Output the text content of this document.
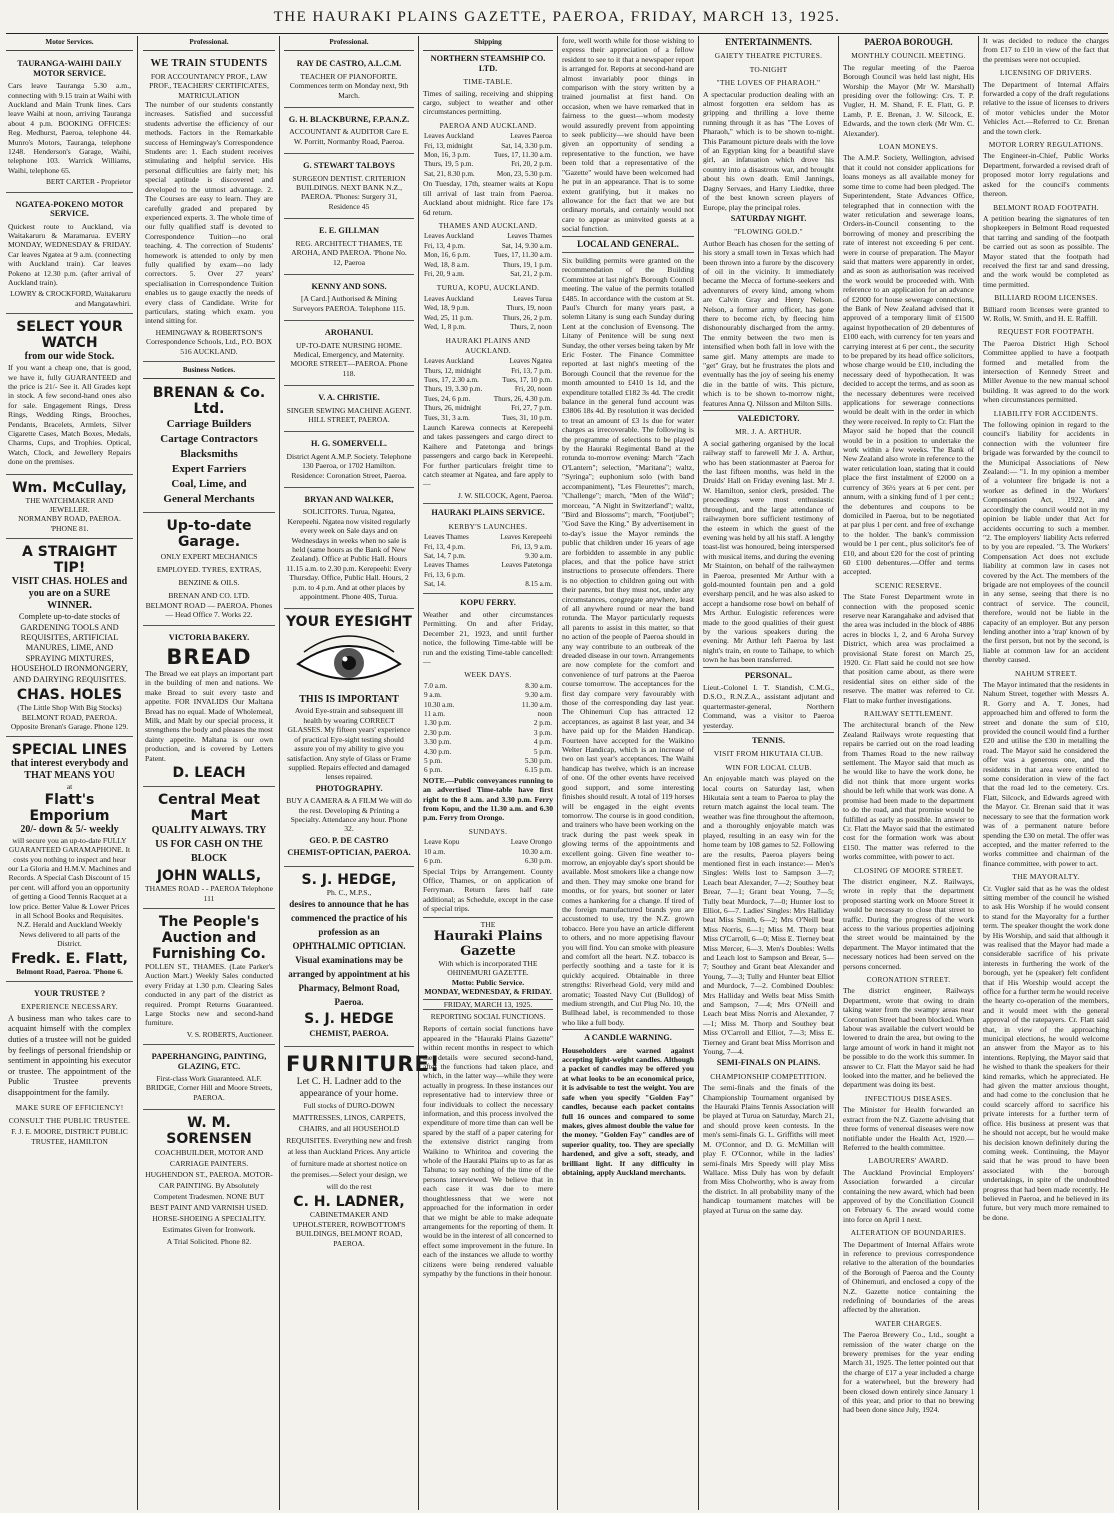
THE HAURAKI PLAINS GAZETTE, PAEROA, FRIDAY, MARCH 13, 1925.
Motor Services.
TAURANGA-WAIHI DAILY MOTOR SERVICE.

Cars leave Tauranga 5.30 a.m., connecting with 9.15 train at Waihi with Auckland and Main Trunk lines. Cars leave Waihi at noon, arriving Tauranga about 4 p.m. BOOKING OFFICES: Reg. Medhurst, Paeroa, telephone 44. Munro's Motors, Tauranga, telephone 1248. Henderson's Garage, Waihi, telephone 103. Warrick Williams, Waihi, telephone 65.

BERT CARTER - Proprietor
NGATEA-POKENO MOTOR SERVICE.

Quickest route to Auckland, via Waitakaruru & Maramarua. EVERY MONDAY, WEDNESDAY & FRIDAY. Car leaves Ngatea at 9 a.m. (connecting with Auckland train). Car leaves Pokeno at 12.30 p.m. (after arrival of Auckland train).

LOWRY & CROCKFORD, Waitakaruru and Mangatawhiri.
SELECT YOUR WATCH
from our wide Stock.

If you want a cheap one, that is good, we have it, fully GUARANTEED and the price is 21/- See it. All Grades kept in stock. A few second-hand ones also for sale. Engagement Rings, Dress Rings, Wedding Rings, Brooches, Pendants, Bracelets, Armlets, Silver Cigarette Cases, Match Boxes, Medals, Charms, Cups, and Trophies. Optical, Watch, Clock, and Jewellery Repairs done on the premises.

Wm. McCullay,
THE WATCHMAKER AND JEWELLER.
NORMANBY ROAD, PAEROA. 'PHONE 81.
A STRAIGHT TIP!
VISIT CHAS. HOLES and you are on a SURE WINNER.

Complete up-to-date stocks of GARDENING TOOLS AND REQUISITES, ARTIFICIAL MANURES, LIME, AND SPRAYING MIXTURES, HOUSEHOLD IRONMONGERY, AND DAIRYING REQUISITES.

CHAS. HOLES
(The Little Shop With Big Stocks) BELMONT ROAD, PAEROA. Opposite Brenan's Garage. Phone 129.
SPECIAL LINES
that interest everybody and THAT MEANS YOU
at
Flatt's Emporium
20/- down & 5/- weekly

will secure you an up-to-date FULLY GUARANTEED GARAMAPHONE. It costs you nothing to inspect and hear our La Gloria and H.M.V. Machines and Records. A Special Cash Discount of 15 per cent. will afford you an opportunity of getting a Good Tennis Racquet at a low price. Better Value & Lower Prices in all School Books and Requisites. N.Z. Herald and Auckland Weekly News delivered to all parts of the District.

Fredk. E. Flatt,
Belmont Road, Paeroa. 'Phone 6.
YOUR TRUSTEE ?
EXPERIENCE NECESSARY.

A business man who takes care to acquaint himself with the complex duties of a trustee will not be guided by feelings of personal friendship or sentiment in appointing his executor or trustee. The appointment of the Public Trustee prevents disappointment for the family.

MAKE SURE OF EFFICIENCY!
CONSULT THE PUBLIC TRUSTEE.
F. J. E. MOORE, DISTRICT PUBLIC TRUSTEE, HAMILTON
Professional.
WE TRAIN STUDENTS
FOR ACCOUNTANCY PROF., LAW PROF., TEACHERS' CERTIFICATES, MATRICULATION

The number of our students constantly increases. Satisfied and successful students advertise the efficiency of our methods. Factors in the Remarkable success of Hemingway's Correspondence Students are: 1. Each student receives stimulating and helpful service. His personal difficulties are fairly met; his special aptitude is discovered and developed to the utmost advantage. 2. The Courses are easy to learn. They are carefully graded and prepared by experienced experts. 3. The whole time of our fully qualified staff is devoted to Correspondence Tuition—no oral teaching. 4. The correction of Students' homework is attended to only by men fully qualified by exam—no lady correctors. 5. Over 27 years' specialisation in Correspondence Tuition enables us to gauge exactly the needs of every class of Candidate. Write for particulars, stating which exam. you intend sitting for.

HEMINGWAY & ROBERTSON'S Correspondence Schools, Ltd., P.O. BOX 516 AUCKLAND.
Business Notices.
BRENAN & Co. Ltd.
Carriage Builders
Cartage Contractors
Blacksmiths
Expert Farriers
Coal, Lime, and
General Merchants
Up-to-date Garage.

ONLY EXPERT MECHANICS EMPLOYED. TYRES, EXTRAS, BENZINE & OILS.

BRENAN AND CO. LTD.
BELMONT ROAD — PAEROA. Phones— Head Office 7. Works 22.
VICTORIA BAKERY.
BREAD

The Bread we eat plays an important part in the building of men and nations. We make Bread to suit every taste and appetite. FOR INVALIDS Our Maltana Bread has no equal. Made of Wholemeal, Milk, and Malt by our special process, it strengthens the body and pleases the most dainty appetite. Maltana is our own production, and is covered by Letters Patent.

D. LEACH
Central Meat Mart

QUALITY ALWAYS. TRY US FOR CASH ON THE BLOCK

JOHN WALLS,
THAMES ROAD - - PAEROA Telephone 111
The People's Auction and Furnishing Co.

POLLEN ST., THAMES. (Late Parker's Auction Mart.) Weekly Sales conducted every Friday at 1.30 p.m. Clearing Sales conducted in any part of the district as required. Prompt Returns Guaranteed. Large Stocks new and second-hand furniture.

V. S. ROBERTS, Auctioneer.
PAPERHANGING, PAINTING, GLAZING, ETC.

First-class Work Guaranteed. ALF. BRIDGE, Corner Hill and Moore Streets, PAEROA.

W. M. SORENSEN

COACHBUILDER, MOTOR AND CARRIAGE PAINTERS. HUGHENDON ST., PAEROA. MOTOR-CAR PAINTING. By Absolutely Competent Tradesmen. NONE BUT BEST PAINT AND VARNISH USED. HORSE-SHOEING A SPECIALITY. Estimates Given for Ironwork.

A Trial Solicited. Phone 82.
Professional.
RAY DE CASTRO, A.L.C.M.

TEACHER OF PIANOFORTE. Commences term on Monday next, 9th March.

G. H. BLACKBURNE, F.P.A.N.Z.

ACCOUNTANT & AUDITOR Care E. W. Porritt, Normanby Road, Paeroa.

G. STEWART TALBOYS

SURGEON DENTIST. CRITERION BUILDINGS. NEXT BANK N.Z., PAEROA. 'Phones: Surgery 31, Residence 45

E. E. GILLMAN

REG. ARCHITECT THAMES, TE AROHA, AND PAEROA. 'Phone No. 12, Paeroa

KENNY AND SONS.

[A Card.] Authorised & Mining Surveyors PAEROA. Telephone 115.

AROHANUI.

UP-TO-DATE NURSING HOME. Medical, Emergency, and Maternity. MOORE STREET—PAEROA. Phone 118.

V. A. CHRISTIE.

SINGER SEWING MACHINE AGENT. HILL STREET, PAEROA.

H. G. SOMERVELL.

District Agent A.M.P. Society. Telephone 130 Paeroa, or 1702 Hamilton. Residence: Coronation Street, Paeroa.

BRYAN AND WALKER,

SOLICITORS. Turua, Ngatea, Kerepeehi. Ngatea now visited regularly every week on Sale days and on Wednesdays in weeks when no sale is held (same hours as the Bank of New Zealand). Office at Public Hall. Hours 11.15 a.m. to 2.30 p.m. Kerepeehi: Every Thursday. Office, Public Hall. Hours, 2 p.m. to 4 p.m. And at other places by appointment. Phone 40S, Turua.

YOUR EYESIGHT
THIS IS IMPORTANT

Avoid Eye-strain and subsequent ill health by wearing CORRECT GLASSES. My fifteen years' experience of practical Eye-sight testing should assure you of my ability to give you satisfaction. Any style of Glass or Frame supplied. Repairs effected and damaged lenses repaired.

PHOTOGRAPHY.

BUY A CAMERA & A FILM We will do the rest. Developing & Printing a Specialty. Attendance any hour. Phone 32.

GEO. P. DE CASTRO
CHEMIST-OPTICIAN, PAEROA.
S. J. HEDGE,
Ph. C., M.P.S.,

desires to announce that he has commenced the practice of his profession as an OPHTHALMIC OPTICIAN. Visual examinations may be arranged by appointment at his Pharmacy, Belmont Road, Paeroa.

S. J. HEDGE
CHEMIST, PAEROA.
FURNITURE!
Let C. H. Ladner add to the appearance of your home.

Full stocks of DURO-DOWN MATTRESSES, LINOS, CARPETS, CHAIRS, and all HOUSEHOLD REQUISITES. Everything new and fresh at less than Auckland Prices. Any article of furniture made at shortest notice on the premises.—Select your design, we will do the rest

C. H. LADNER,
CABINETMAKER AND UPHOLSTERER, ROWBOTTOM'S BUILDINGS, BELMONT ROAD, PAEROA.
Shipping
NORTHERN STEAMSHIP CO. LTD.
TIME-TABLE.

Times of sailing, receiving and shipping cargo, subject to weather and other circumstances permitting.

PAEROA AND AUCKLAND.
Leaves Auckland	Leaves Paeroa
Fri, 13, midnight	Sat, 14, 3.30 p.m.
Mon, 16, 3 p.m.	Tues, 17, 11.30 a.m.
Thurs, 19, 5 p.m.	Fri, 20, 2 p.m.
Sat, 21, 8.30 p.m.	Mon, 23, 5.30 p.m.

On Tuesday, 17th, steamer waits at Kopu till arrival of last train from Paeroa. Auckland about midnight. Rice fare 17s 6d return.

THAMES AND AUCKLAND.
Leaves Auckland	Leaves Thames
Fri, 13, 4 p.m.	Sat, 14, 9.30 a.m.
Mon, 16, 6 p.m.	Tues, 17, 11.30 a.m.
Wed, 18, 8 a.m.	Thurs, 19, 1 p.m.
Fri, 20, 9 a.m.	Sat, 21, 2 p.m.
TURUA, KOPU, AUCKLAND.
Leaves Auckland	Leaves Turua
Wed, 18, 9 p.m.	Thurs, 19, noon
Wed, 25, 11 p.m.	Thurs, 26, 2 p.m.
Wed, 1, 8 p.m.	Thurs, 2, noon
HAURAKI PLAINS AND AUCKLAND.
Leaves Auckland	Leaves Ngatea
Thurs, 12, midnight	Fri, 13, 7 p.m.
Tues, 17, 2.30 a.m.	Tues, 17, 10 p.m.
Thurs, 19, 3.30 p.m.	Fri, 20, noon
Tues, 24, 6 p.m.	Thurs, 26, 4.30 p.m.
Thurs, 26, midnight	Fri, 27, 7 p.m.
Tues, 31, 3 a.m.	Tues, 31, 10 p.m.

Launch Karewa connects at Kerepeehi and takes passengers and cargo direct to Kaihere and Patetonga and brings passengers and cargo back in Kerepeehi. For further particulars freight time to catch steamer at Ngatea, and fare apply to—

J. W. SILCOCK, Agent, Paeroa.
HAURAKI PLAINS SERVICE.
KERBY'S LAUNCHES.
Leaves Thames	Leaves Kerepeehi
Fri, 13, 4 p.m.	Fri, 13, 9 a.m.
Sat, 14, 7 p.m.	9.30 a.m.
Leaves Thames	Leaves Patetonga
Fri, 13, 6 p.m.	
Sat, 14.	8.15 a.m.
KOPU FERRY.

Weather and other circumstances Permitting. On and after Friday, December 21, 1923, and until further notice, the following Time-table will be run and the existing Time-table cancelled:—

WEEK DAYS.
7.0 a.m.	8.30 a.m.
9 a.m.	9.30 a.m.
10.30 a.m.	11.30 a.m.
11 a.m.	noon
1.30 p.m.	2 p.m.
2.30 p.m.	3 p.m.
3.30 p.m.	4 p.m.
4.30 p.m.	5 p.m.
5 p.m.	5.30 p.m.
6 p.m.	6.15 p.m.

NOTE.—Public conveyances running to an advertised Time-table have first right to the 8 a.m. and 3.30 p.m. Ferry from Kopu, and the 11.30 a.m. and 6.30 p.m. Ferry from Orongo.

SUNDAYS.
Leave Kopu	Leave Orongo
10 a.m.	10.30 a.m.
6 p.m.	6.30 p.m.

Special Trips by Arrangement. County Office, Thames, or on application of Ferryman. Return fares half rate additional; as Schedule, except in the case of special trips.

THE
Hauraki Plains Gazette
With which is incorporated THE OHINEMURI GAZETTE.
Motto: Public Service.
MONDAY, WEDNESDAY, & FRIDAY.
FRIDAY, MARCH 13, 1925.
REPORTING SOCIAL FUNCTIONS.

Reports of certain social functions have appeared in the "Hauraki Plains Gazette" within recent months in respect to which the details were secured second-hand, after the functions had taken place, and which, in the latter way—while they were actually in progress. In these instances our representative had to interview three or four individuals to collect the necessary information, and this process involved the expenditure of more time than can well be spared by the staff of a paper catering for the extensive district ranging from Waikino to Whiritoa and covering the whole of the Hauraki Plains up to as far as Tahuna; to say nothing of the time of the persons interviewed. We believe that in each case it was due to mere thoughtlessness that we were not approached for the information in order that we might be able to make adequate arrangements for the reporting of them. It would be in the interest of all concerned to effect some improvement in the future. In each of the instances we allude to worthy citizens were being rendered valuable sympathy by the functions in their honour.

fore, well worth while for those wishing to express their appreciation of a fellow resident to see to it that a newspaper report is arranged for. Reports at second-hand are almost invariably poor things in comparison with the story written by a trained journalist at first hand. On occasion, when we have remarked that in fairness to the guest—whom modesty would assuredly prevent from appointing to seek publicity—we should have been given an opportunity of sending a representative to the function, we have been told that a representative of the "Gazette" would have been welcomed had he put in an appearance. That is to some extent gratifying, but it makes no allowance for the fact that we are but ordinary mortals, and certainly would not care to appear as uninvited guests at a social function.

LOCAL AND GENERAL.

Six building permits were granted on the recommendation of the Building Committee at last night's Borough Council meeting. The value of the permits totalled £485. In accordance with the custom at St. Paul's Church for many years past, a solemn Litany is sung each Sunday during Lent at the conclusion of Evensong. The Litany of Penitence will be sung next Sunday, the other verses being taken by Mr Eric Foster. The Finance Committee reported at last night's meeting of the Borough Council that the revenue for the month amounted to £410 1s 1d, and the expenditure totalled £182 3s 4d. The credit balance in the general fund account was £3806 18s 4d. By resolution it was decided to treat an amount of £3 1s due for water charges as irrecoverable. The following is the programme of selections to be played by the Hauraki Regimental Band at the rotunda to-morrow evening: March "Zach O'Lantern"; selection, "Maritana"; waltz, "Syringa"; euphonium solo (with band accompaniment), "Les Fleurettes"; march, "Challenge"; march, "Men of the Wild"; morceau, "A Night in Switzerland"; waltz, "Bird and Blossoms"; march, "Footjubel"; "God Save the King." By advertisement in to-day's issue the Mayor reminds the public that children under 16 years of age are forbidden to assemble in any public places, and that the police have strict instructions to prosecute offenders. There is no objection to children going out with their parents, but they must not, under any circumstances, congregate anywhere, least of all anywhere round or near the band rotunda. The Mayor particularly requests all parents to assist in this matter, so that no action of the people of Paeroa should in any way contribute to an outbreak of the dreaded disease in our town. Arrangements are now complete for the comfort and convenience of turf patrons at the Paeroa course tomorrow. The acceptances for the first day compare very favourably with those of the corresponding day last year. The Ohinemuri Cup has attracted 12 acceptances, as against 8 last year, and 34 have paid up for the Maiden Handicap. Fourteen have accepted for the Waikino Welter Handicap, which is an increase of two on last year's acceptances. The Waihi handicap has twelve, which is an increase of one. Of the other events have received good support, and some interesting finishes should result. A total of 119 horses will be engaged in the eight events tomorrow. The course is in good condition, and trainers who have been working on the track during the past week speak in glowing terms of the appointments and excellent going. Given fine weather to-morrow, an enjoyable day's sport should be available. Most smokers like a change now and then. They may smoke one brand for months, or for years, but sooner or later comes a hankering for a change. If tired of the foreign manufactured brands you are accustomed to use, try the N.Z. grown tobacco. Here you have an article different to others, and no more appetising flavour you will find. You can smoke with pleasure and comfort all the heart. N.Z. tobacco is perfectly soothing and a taste for it is quickly acquired. Obtainable in three strengths: Riverhead Gold, very mild and aromatic; Toasted Navy Cut (Bulldog) of medium strength, and Cut Plug No. 10, the Bullhead label, is recommended to those who like a full body.

A CANDLE WARNING.

Householders are warned against accepting light-weight candles. Although a packet of candles may be offered you at what looks to be an economical price, it is advisable to test the weight. You are safe when you specify "Golden Fay" candles, because each packet contains full 16 ounces and compared to some makes, gives almost double the value for the money. "Golden Fay" candles are of superior quality, too. They are specially hardened, and give a soft, steady, and brilliant light. If any difficulty in obtaining, apply Auckland merchants.

ENTERTAINMENTS.
GAIETY THEATRE PICTURES.
TO-NIGHT
"THE LOVES OF PHARAOH."

A spectacular production dealing with an almost forgotten era seldom has as gripping and thrilling a love theme running through it as has "The Loves of Pharaoh," which is to be shown to-night. This Paramount picture deals with the love of an Egyptian king for a beautiful slave girl, an infatuation which drove his country into a disastrous war, and brought about his own death. Emil Jannings, Dagny Servaes, and Harry Liedtke, three of the best known screen players of Europe, play the principal roles.

SATURDAY NIGHT.
"FLOWING GOLD."

Author Beach has chosen for the setting of his story a small town in Texas which had been thrown into a furore by the discovery of oil in the vicinity. It immediately became the Mecca of fortune-seekers and adventurers of every kind, among whom are Calvin Gray and Henry Nelson. Nelson, a former army officer, has gone there to become rich, by fleecing him dishonourably discharged from the army. The enmity between the two men is intensified when both fall in love with the same girl. Many attempts are made to "get" Gray, but he frustrates the plots and eventually has the joy of seeing his enemy die in the battle of wits. This picture, which is to be shown to-morrow night, features Anna Q. Nilsson and Milton Sills.

VALEDICTORY.
MR. J. A. ARTHUR.

A social gathering organised by the local railway staff to farewell Mr J. A. Arthur, who has been stationmaster at Paeroa for the last fifteen months, was held in the Druids' Hall on Friday evening last. Mr J. W. Hamilton, senior clerk, presided. The proceedings were most enthusiastic throughout, and the large attendance of railwaymen bore sufficient testimony of the esteem in which the guest of the evening was held by all his staff. A lengthy toast-list was honoured, being interspersed with musical items, and during the evening Mr Stainton, on behalf of the railwaymen in Paeroa, presented Mr Arthur with a gold-mounted fountain pen and a gold eversharp pencil, and he was also asked to accept a handsome rose bowl on behalf of Mrs Arthur. Eulogistic references were made to the good qualities of their guest by the various speakers during the evening. Mr Arthur left Paeroa by last night's train, en route to Taihape, to which town he has been transferred.

PERSONAL.

Lieut.-Colonel I. T. Standish, C.M.G., D.S.O., R.N.Z.A., assistant adjutant and quartermaster-general, Northern Command, was a visitor to Paeroa yesterday.

TENNIS.
VISIT FROM HIKUTAIA CLUB.
WIN FOR LOCAL CLUB.

An enjoyable match was played on the local courts on Saturday last, when Hikutaia sent a team to Paeroa to play the return match against the local team. The weather was fine throughout the afternoon, and a thoroughly enjoyable match was played, resulting in an easy win for the home team by 108 games to 52. Following are the results, Paeroa players being mentioned first in each instance:— Men's Singles: Wells lost to Sampson 3—7; Leach beat Alexander, 7—2; Southey beat Brear, 7—1; Grant beat Young, 7—5; Tully beat Murdock, 7—0; Hunter lost to Elliot, 6—7. Ladies' Singles: Mrs Halliday beat Miss Smith, 6—2; Mrs O'Neill beat Miss Norris, 6—1; Miss M. Thorp beat Miss O'Carroll, 6—0; Miss E. Tierney beat Miss Mercer, 6—3. Men's Doubles: Wells and Leach lost to Sampson and Brear, 5—7; Southey and Grant beat Alexander and Young, 7—3; Tully and Hunter beat Elliot and Murdock, 7—2. Combined Doubles: Mrs Halliday and Wells beat Miss Smith and Sampson, 7—4; Mrs O'Neill and Leach beat Miss Norris and Alexander, 7—1; Miss M. Thorp and Southey beat Miss O'Carroll and Elliot, 7—3; Miss E. Tierney and Grant beat Miss Morrison and Young, 7—4.

SEMI-FINALS ON PLAINS.
CHAMPIONSHIP COMPETITION.

The semi-finals and the finals of the Championship Tournament organised by the Hauraki Plains Tennis Association will be played at Turua on Saturday, March 21, and should prove keen contests. In the men's semi-finals G. L. Griffiths will meet M. O'Connor, and D. G. McMillan will play F. O'Connor, while in the ladies' semi-finals Mrs Speedy will play Miss Wallace. Miss Duly has won by default from Miss Cholworthy, who is away from the district. In all probability many of the handicap tournament matches will be played at Turua on the same day.

PAEROA BOROUGH.
MONTHLY COUNCIL MEETING.

The regular meeting of the Paeroa Borough Council was held last night, His Worship the Mayor (Mr W. Marshall) presiding over the following: Crs. T. P. Vugler, H. M. Shand, F. E. Flatt, G. P. Lamb, P. E. Brenan, J. W. Silcock, E. Edwards, and the town clerk (Mr Wm. C. Alexander).

LOAN MONEYS.

The A.M.P. Society, Wellington, advised that it could not consider applications for loans moneys as all available money for some time to come had been pledged. The Superintendent, State Advances Office, telegraphed that in connection with the water reticulation and sewerage loans, Orders-in-Council consenting to the borrowing of money and prescribing the rate of interest not exceeding 6 per cent. were in course of preparation. The Mayor said that matters were apparently in order, and as soon as authorisation was received the work would be proceeded with. With reference to an application for an advance of £2000 for house sewerage connections, the Bank of New Zealand advised that it approved of a temporary limit of £1500 against hypothecation of 20 debentures of £100 each, with currency for ten years and carrying interest at 6 per cent., the security to be prepared by its head office solicitors, whose charge would be £10, including the necessary deed of hypothecation. It was decided to accept the terms, and as soon as the necessary debentures were received applications for sewerage connections would be dealt with in the order in which they were received. In reply to Cr. Flatt the Mayor said he hoped that the council would be in a position to undertake the work within a few weeks. The Bank of New Zealand also wrote in reference to the water reticulation loan, stating that it could place the first instalment of £2000 on a currency of 36½ years at 6 per cent. per annum, with a sinking fund of 1 per cent.; the debentures and coupons to be domiciled in Paeroa, but to be negotiated at par plus 1 per cent. and free of exchange to the holder. The bank's commission would be 1 per cent., plus solicitor's fee of £10, and about £20 for the cost of printing 60 £100 debentures.—Offer and terms accepted.

SCENIC RESERVE.

The State Forest Department wrote in connection with the proposed scenic reserve near Karangahake and advised that the area was included in the block of 4886 acres in blocks 1, 2, and 6 Aroha Survey District, which area was proclaimed a provisional State forest on March 25, 1920. Cr. Flatt said he could not see how that position came about, as there were residential sites on either side of the reserve. The matter was referred to Cr. Flatt to make further investigations.

RAILWAY SETTLEMENT.

The architectural branch of the New Zealand Railways wrote requesting that repairs be carried out on the road leading from Thames Road to the new railway settlement. The Mayor said that much as he would like to have the work done, he did not think that more urgent works should be left while that work was done. A promise had been made to the department to do the road, and that promise would be fulfilled as early as possible. In answer to Cr. Flatt the Mayor said that the estimated cost for the formation work was about £150. The matter was referred to the works committee, with power to act.

CLOSING OF MOORE STREET.

The district engineer, N.Z. Railways, wrote in reply that the department proposed starting work on Moore Street it would be necessary to close that street to traffic. During the progress of the work access to the various properties adjoining the street would be maintained by the department. The Mayor intimated that the necessary notices had been served on the persons concerned.

CORONATION STREET.

The district engineer, Railways Department, wrote that owing to drain taking water from the swampy areas near Coronation Street had been blocked. When labour was available the culvert would be lowered to drain the area, but owing to the large amount of work in hand it might not be possible to do the work this summer. In answer to Cr. Flatt the Mayor said he had looked into the matter, and he believed the department was doing its best.

INFECTIOUS DISEASES.

The Minister for Health forwarded an extract from the N.Z. Gazette advising that three forms of venereal diseases were now notifiable under the Health Act, 1920.—Referred to the health committee.

LABOURERS' AWARD.

The Auckland Provincial Employers' Association forwarded a circular containing the new award, which had been approved of by the Conciliation Council on February 6. The award would come into force on April 1 next.

ALTERATION OF BOUNDARIES.

The Department of Internal Affairs wrote in reference to previous correspondence relative to the alteration of the boundaries of the Borough of Paeroa and the County of Ohinemuri, and enclosed a copy of the N.Z. Gazette notice containing the redefining of boundaries of the areas affected by the alteration.

WATER CHARGES.

The Paeroa Brewery Co., Ltd., sought a remission of the water charge on the brewery premises for the year ending March 31, 1925. The letter pointed out that the charge of £17 a year included a charge for a waterwheel, but the brewery had been closed down entirely since January 1 of this year, and prior to that no brewing had been done since July, 1924.

It was decided to reduce the charges from £17 to £10 in view of the fact that the premises were not occupied.

LICENSING OF DRIVERS.

The Department of Internal Affairs forwarded a copy of the draft regulations relative to the issue of licenses to drivers of motor vehicles under the Motor Vehicles Act.—Referred to Cr. Brenan and the town clerk.

MOTOR LORRY REGULATIONS.

The Engineer-in-Chief, Public Works Department, forwarded a revised draft of proposed motor lorry regulations and asked for the council's comments thereon.

BELMONT ROAD FOOTPATH.

A petition bearing the signatures of ten shopkeepers in Belmont Road requested that tarring and sanding of the footpath be carried out as soon as possible. The Mayor stated that the footpath had received the first tar and sand dressing, and the work would be completed as time permitted.

BILLIARD ROOM LICENSES.

Billiard room licenses were granted to W. Rolls, W. Smith, and H. E. Raffill.

REQUEST FOR FOOTPATH.

The Paeroa District High School Committee applied to have a footpath formed and metalled from the intersection of Kennedy Street and Miller Avenue to the new manual school building. It was agreed to do the work when circumstances permitted.

LIABILITY FOR ACCIDENTS.

The following opinion in regard to the council's liability for accidents in connection with the volunteer fire brigade was forwarded by the council to the Municipal Associations of New Zealand:— "1. In my opinion a member of a volunteer fire brigade is not a worker as defined in the Workers' Compensation Act, 1922, and accordingly the council would not in my opinion be liable under that Act for accidents occurring to such a member. "2. The employers' liability Acts referred to by you are repealed. "3. The Workers' Compensation Act does not exclude liability at common law in cases not covered by the Act. The members of the brigade are not employees of the council in any sense, seeing that there is no contract of service. The council, therefore, would not be liable in the capacity of an employer. But any person lending another into a 'trap' known of by the first person, but not by the second, is liable at common law for an accident thereby caused.

NAHUM STREET.

The Mayor intimated that the residents in Nahum Street, together with Messrs A. R. Gorry and A. T. Jones, had approached him and offered to form the street and donate the sum of £10, provided the council would find a further £20 and utilise the £30 in metalling the road. The Mayor said he considered the offer was a generous one, and the residents in that area were entitled to some consideration in view of the fact that the road led to the cemetery. Crs. Flatt, Silcock, and Edwards agreed with the Mayor. Cr. Brenan said that it was necessary to see that the formation work was of a permanent nature before spending the £30 on metal. The offer was accepted, and the matter referred to the works committee and chairman of the finance committee, with power to act.

THE MAYORALTY.

Cr. Vugler said that as he was the oldest sitting member of the council he wished to ask His Worship if he would consent to stand for the Mayoralty for a further term. The speaker thought the work done by His Worship, and said that although it was realised that the Mayor had made a considerable sacrifice of his private interests in furthering the work of the borough, yet he (speaker) felt confident that if His Worship would accept the office for a further term he would receive the hearty co-operation of the members, and it would meet with the general approval of the ratepayers. Cr. Flatt said that, in view of the approaching municipal elections, he would welcome an answer from the Mayor as to his intentions. Replying, the Mayor said that he wished to thank the speakers for their kind remarks, which he appreciated. He had given the matter anxious thought, and had come to the conclusion that he could scarcely afford to sacrifice his private interests for a further term of office. His business at present was that he should not accept, but he would make his decision known definitely during the coming week. Continuing, the Mayor said that he was proud to have been associated with the borough undertakings, in spite of the undoubted progress that had been made recently. He believed in Paeroa, and he believed in its future, but very much more remained to be done.
